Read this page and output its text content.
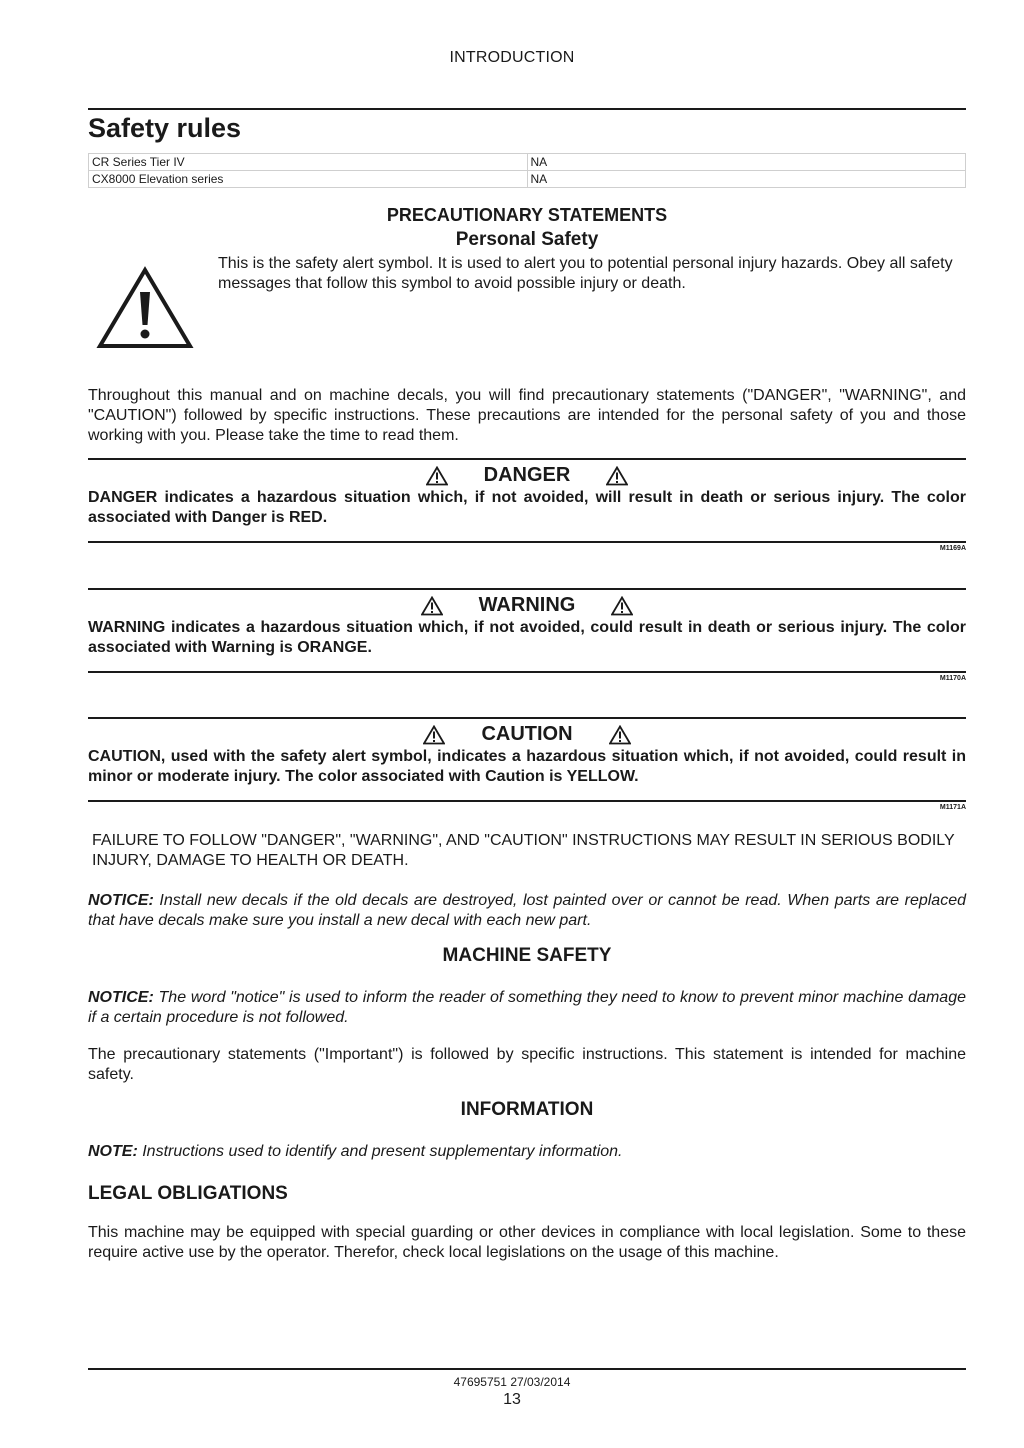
INTRODUCTION
Safety rules
CR Series Tier IV	NA
CX8000 Elevation series	NA
PRECAUTIONARY STATEMENTS
Personal Safety
This is the safety alert symbol. It is used to alert you to potential personal injury hazards. Obey all safety messages that follow this symbol to avoid possible injury or death.
Throughout this manual and on machine decals, you will find precautionary statements ("DANGER", "WARNING", and "CAUTION") followed by specific instructions. These precautions are intended for the personal safety of you and those working with you. Please take the time to read them.
DANGER
DANGER indicates a hazardous situation which, if not avoided, will result in death or serious injury. The color associated with Danger is RED.
M1169A
WARNING
WARNING indicates a hazardous situation which, if not avoided, could result in death or serious injury. The color associated with Warning is ORANGE.
M1170A
CAUTION
CAUTION, used with the safety alert symbol, indicates a hazardous situation which, if not avoided, could result in minor or moderate injury. The color associated with Caution is YELLOW.
M1171A
FAILURE TO FOLLOW "DANGER", "WARNING", AND "CAUTION" INSTRUCTIONS MAY RESULT IN SERIOUS BODILY INJURY, DAMAGE TO HEALTH OR DEATH.
NOTICE: Install new decals if the old decals are destroyed, lost painted over or cannot be read. When parts are replaced that have decals make sure you install a new decal with each new part.
MACHINE SAFETY
NOTICE: The word "notice" is used to inform the reader of something they need to know to prevent minor machine damage if a certain procedure is not followed.
The precautionary statements ("Important") is followed by specific instructions. This statement is intended for machine safety.
INFORMATION
NOTE: Instructions used to identify and present supplementary information.
LEGAL OBLIGATIONS
This machine may be equipped with special guarding or other devices in compliance with local legislation. Some to these require active use by the operator. Therefor, check local legislations on the usage of this machine.
47695751 27/03/2014
13
